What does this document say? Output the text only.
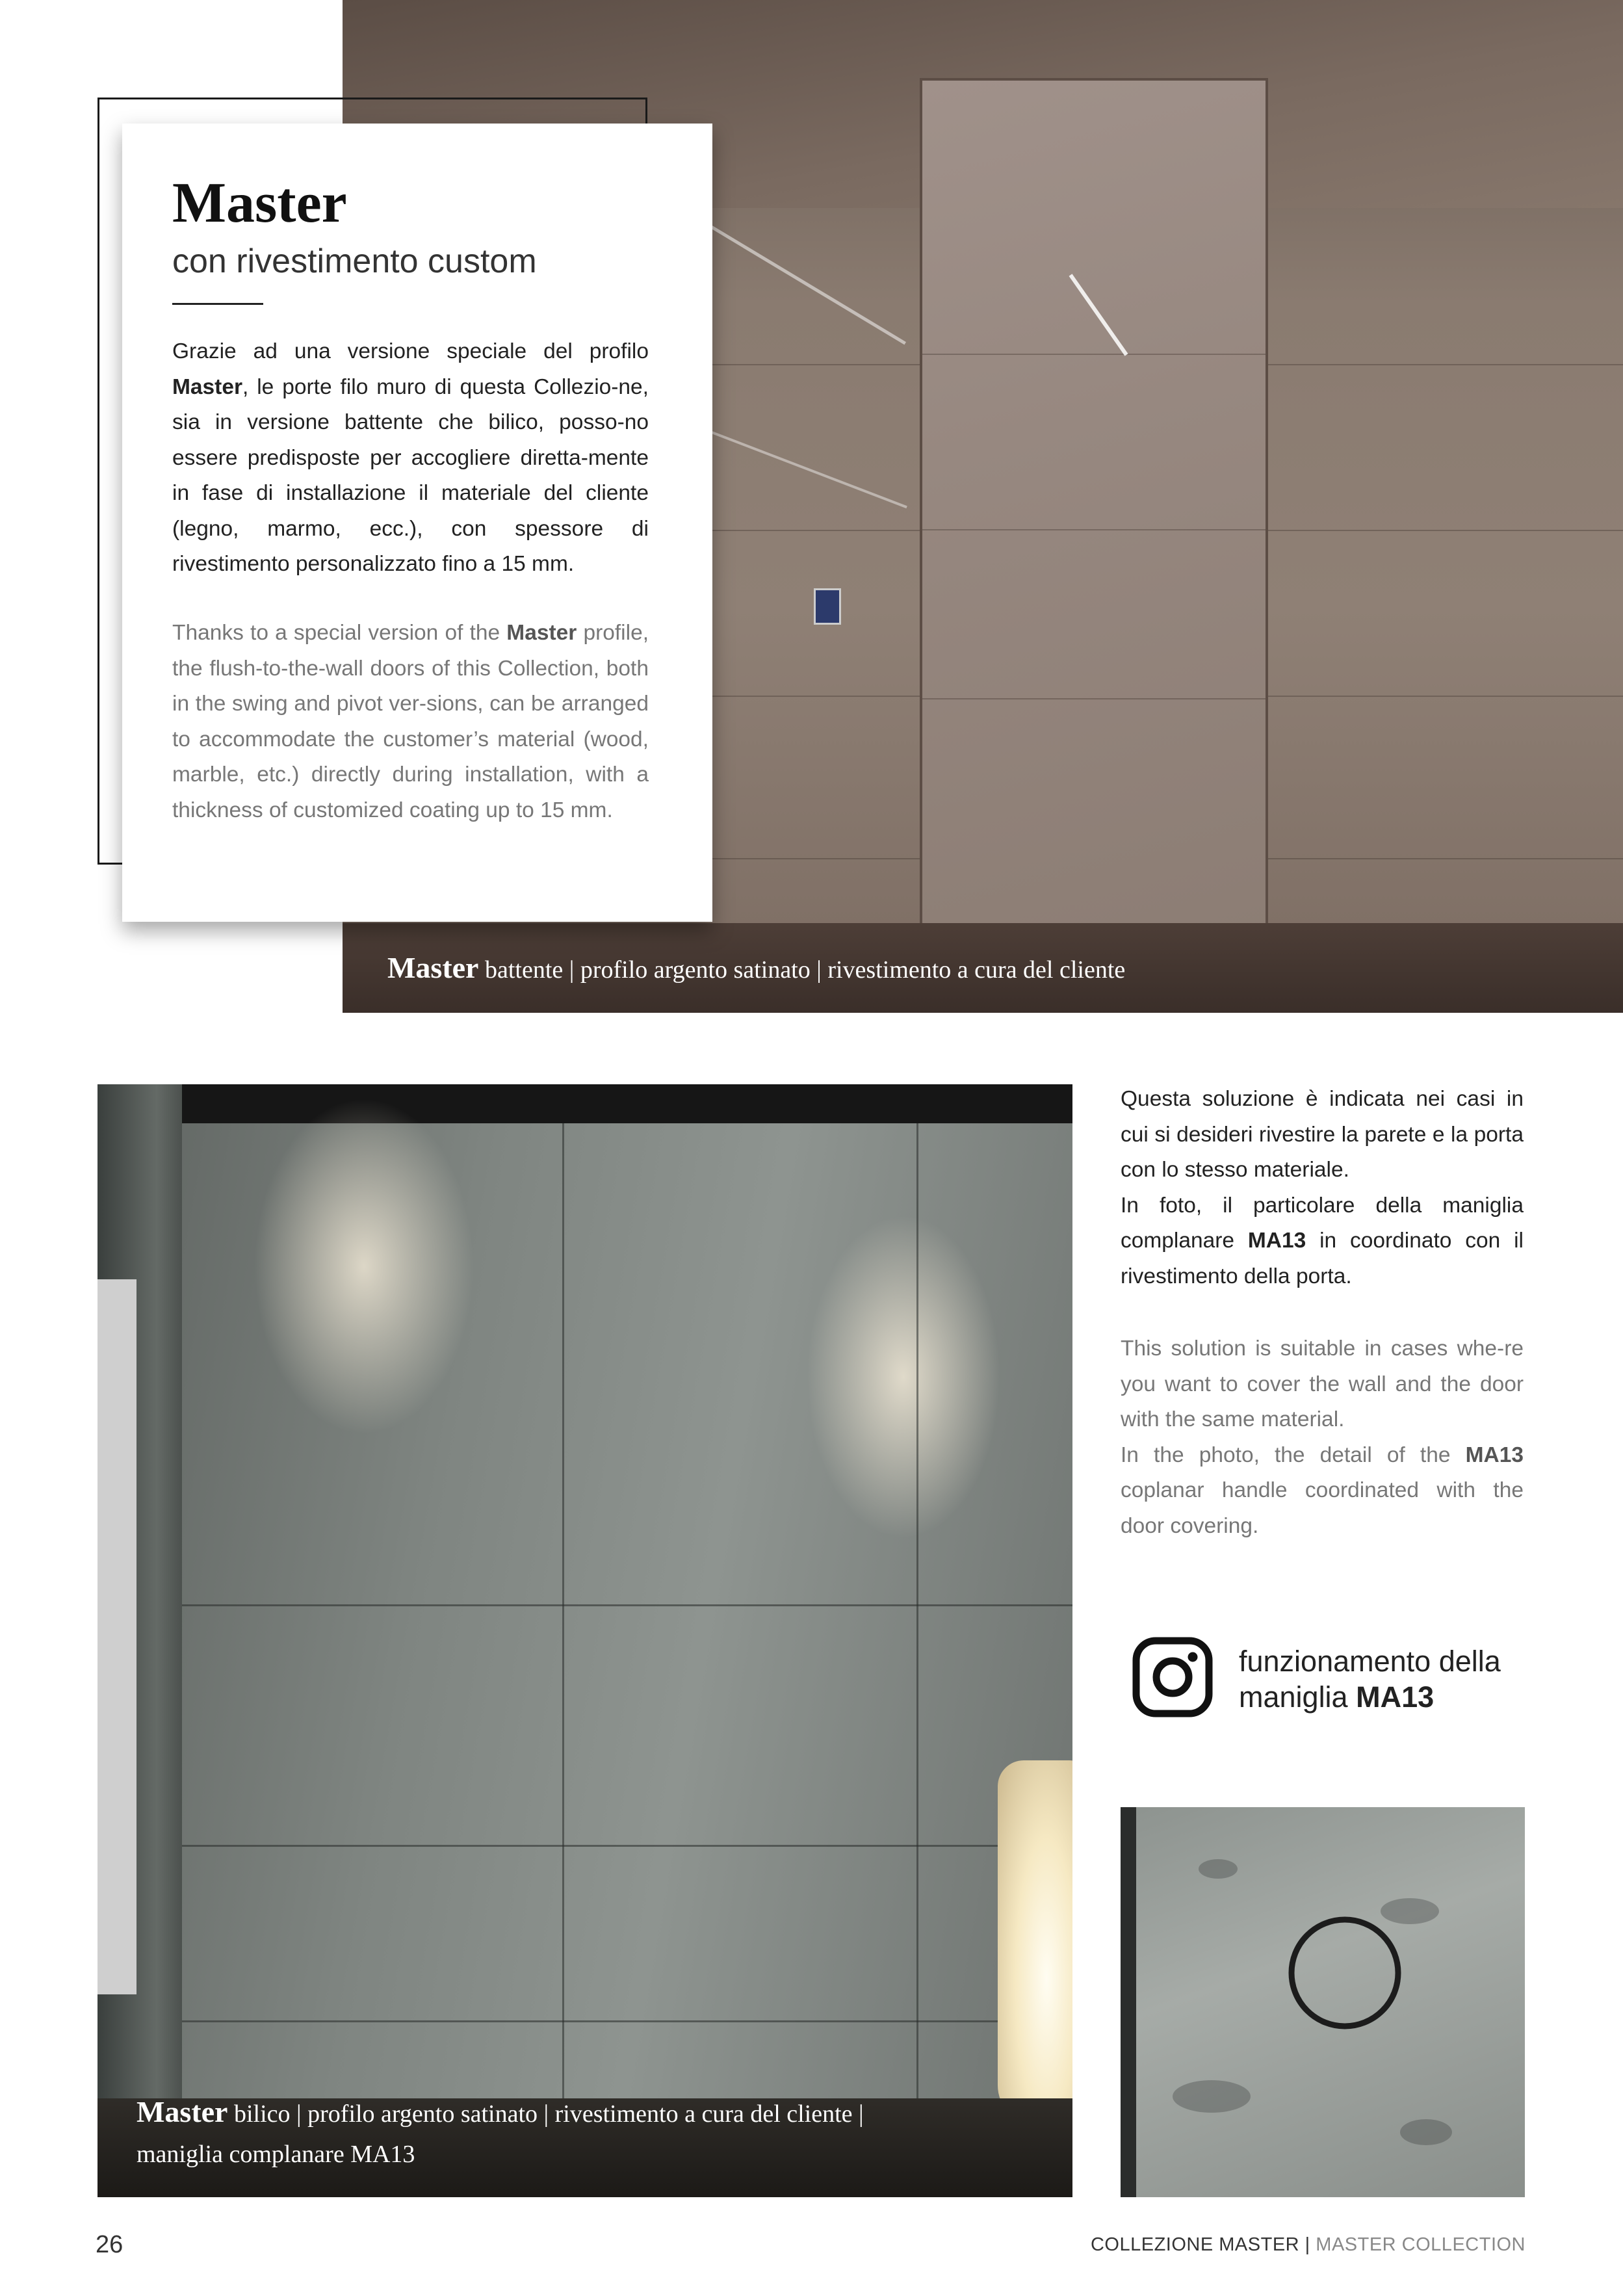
Master battente | profilo argento satinato | rivestimento a cura del cliente
Master
con rivestimento custom
Grazie ad una versione speciale del profilo Master, le porte filo muro di questa Collezio-ne, sia in versione battente che bilico, posso-no essere predisposte per accogliere diretta-mente in fase di installazione il materiale del cliente (legno, marmo, ecc.), con spessore di rivestimento personalizzato fino a 15 mm.
Thanks to a special version of the Master profile, the flush-to-the-wall doors of this Collection, both in the swing and pivot ver-sions, can be arranged to accommodate the customer’s material (wood, marble, etc.) directly during installation, with a thickness of customized coating up to 15 mm.
Master bilico | profilo argento satinato | rivestimento a cura del cliente |
maniglia complanare MA13
Questa soluzione è indicata nei casi in cui si desideri rivestire la parete e la porta con lo stesso materiale.
In foto, il particolare della maniglia complanare MA13 in coordinato con il rivestimento della porta.
This solution is suitable in cases whe-re you want to cover the wall and the door with the same material.
In the photo, the detail of the MA13 coplanar handle coordinated with the door covering.
funzionamento della
maniglia MA13
26	COLLEZIONE MASTER | MASTER COLLECTION
